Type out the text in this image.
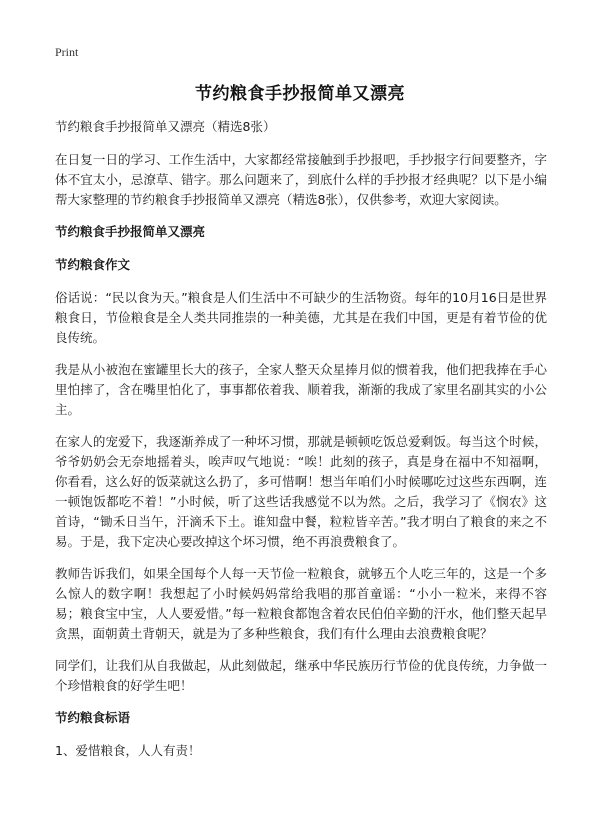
Print
节约粮食手抄报简单又漂亮

节约粮食手抄报简单又漂亮（精选8张）

在日复一日的学习、工作生活中，大家都经常接触到手抄报吧，手抄报字行间要整齐，字体不宜太小，忌潦草、错字。那么问题来了，到底什么样的手抄报才经典呢？以下是小编帮大家整理的节约粮食手抄报简单又漂亮（精选8张），仅供参考，欢迎大家阅读。

节约粮食手抄报简单又漂亮

节约粮食作文

俗话说：“民以食为天。”粮食是人们生活中不可缺少的生活物资。每年的10月16日是世界粮食日，节俭粮食是全人类共同推崇的一种美德，尤其是在我们中国，更是有着节俭的优良传统。

我是从小被泡在蜜罐里长大的孩子，全家人整天众星捧月似的惯着我，他们把我捧在手心里怕摔了，含在嘴里怕化了，事事都依着我、顺着我，渐渐的我成了家里名副其实的小公主。

在家人的宠爱下，我逐渐养成了一种坏习惯，那就是顿顿吃饭总爱剩饭。每当这个时候，爷爷奶奶会无奈地摇着头，唉声叹气地说：“唉！此刻的孩子，真是身在福中不知福啊，你看看，这么好的饭菜就这么扔了，多可惜啊！想当年咱们小时候哪吃过这些东西啊，连一顿饱饭都吃不着！”小时候，听了这些话我感觉不以为然。之后，我学习了《悯农》这首诗，“锄禾日当午，汗滴禾下土。谁知盘中餐，粒粒皆辛苦。”我才明白了粮食的来之不易。于是，我下定决心要改掉这个坏习惯，绝不再浪费粮食了。

教师告诉我们，如果全国每个人每一天节俭一粒粮食，就够五个人吃三年的，这是一个多么惊人的数字啊！我想起了小时候妈妈常给我唱的那首童谣：“小小一粒米，来得不容易；粮食宝中宝，人人要爱惜。”每一粒粮食都饱含着农民伯伯辛勤的汗水，他们整天起早贪黑，面朝黄土背朝天，就是为了多种些粮食，我们有什么理由去浪费粮食呢？

同学们，让我们从自我做起，从此刻做起，继承中华民族历行节俭的优良传统，力争做一个珍惜粮食的好学生吧！

节约粮食标语

1、爱惜粮食，人人有责！
